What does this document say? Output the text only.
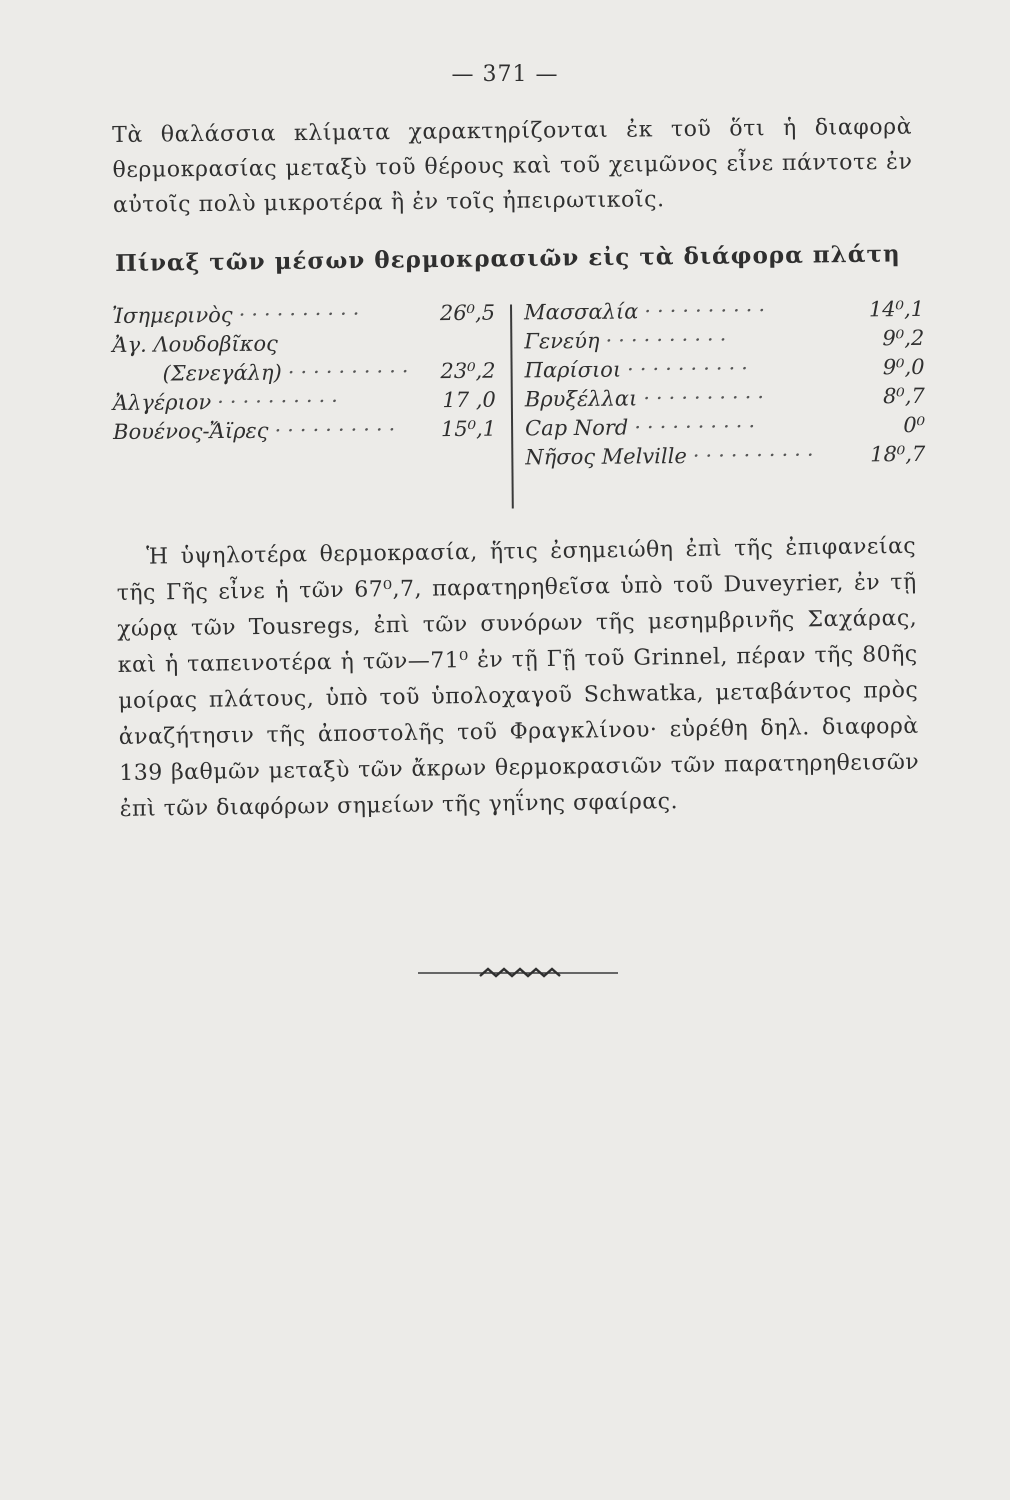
— 371 —

Τὰ θαλάσσια κλίματα χαρακτηρίζονται ἐκ τοῦ ὅτι ἡ διαφορὰ θερμοκρασίας μεταξὺ τοῦ θέρους καὶ τοῦ χειμῶνος εἶνε πάντοτε ἐν αὐτοῖς πολὺ μικροτέρα ἢ ἐν τοῖς ἠπειρωτικοῖς.

Πίναξ τῶν μέσων θερμοκρασιῶν εἰς τὰ διάφορα πλάτη
Ἰσημερινὸς ··········	26⁰,5
Ἀγ. Λουδοβῖκος
(Σενεγάλη) ··········	23⁰,2
Ἀλγέριον ··········	17 ,0
Βουένος-Ἄϊρες ··········	15⁰,1
Μασσαλία ··········	14⁰,1
Γενεύη ··········	9⁰,2
Παρίσιοι ··········	9⁰,0
Βρυξέλλαι ··········	8⁰,7
Cap Nord ··········	0⁰
Νῆσος Melville ··········	18⁰,7

Ἡ ὑψηλοτέρα θερμοκρασία, ἥτις ἐσημειώθη ἐπὶ τῆς ἐπιφανείας τῆς Γῆς εἶνε ἡ τῶν 67⁰,7, παρατηρηθεῖσα ὑπὸ τοῦ Duveyrier, ἐν τῇ χώρᾳ τῶν Tousregs, ἐπὶ τῶν συνόρων τῆς μεσημβρινῆς Σαχάρας, καὶ ἡ ταπεινοτέρα ἡ τῶν—71⁰ ἐν τῇ Γῇ τοῦ Grinnel, πέραν τῆς 80ῆς μοίρας πλάτους, ὑπὸ τοῦ ὑπολοχαγοῦ Schwatka, μεταβάντος πρὸς ἀναζήτησιν τῆς ἀποστολῆς τοῦ Φραγκλίνου· εὑρέθη δηλ. διαφορὰ 139 βαθμῶν μεταξὺ τῶν ἄκρων θερμοκρασιῶν τῶν παρατηρηθεισῶν ἐπὶ τῶν διαφόρων σημείων τῆς γηΐνης σφαίρας.
